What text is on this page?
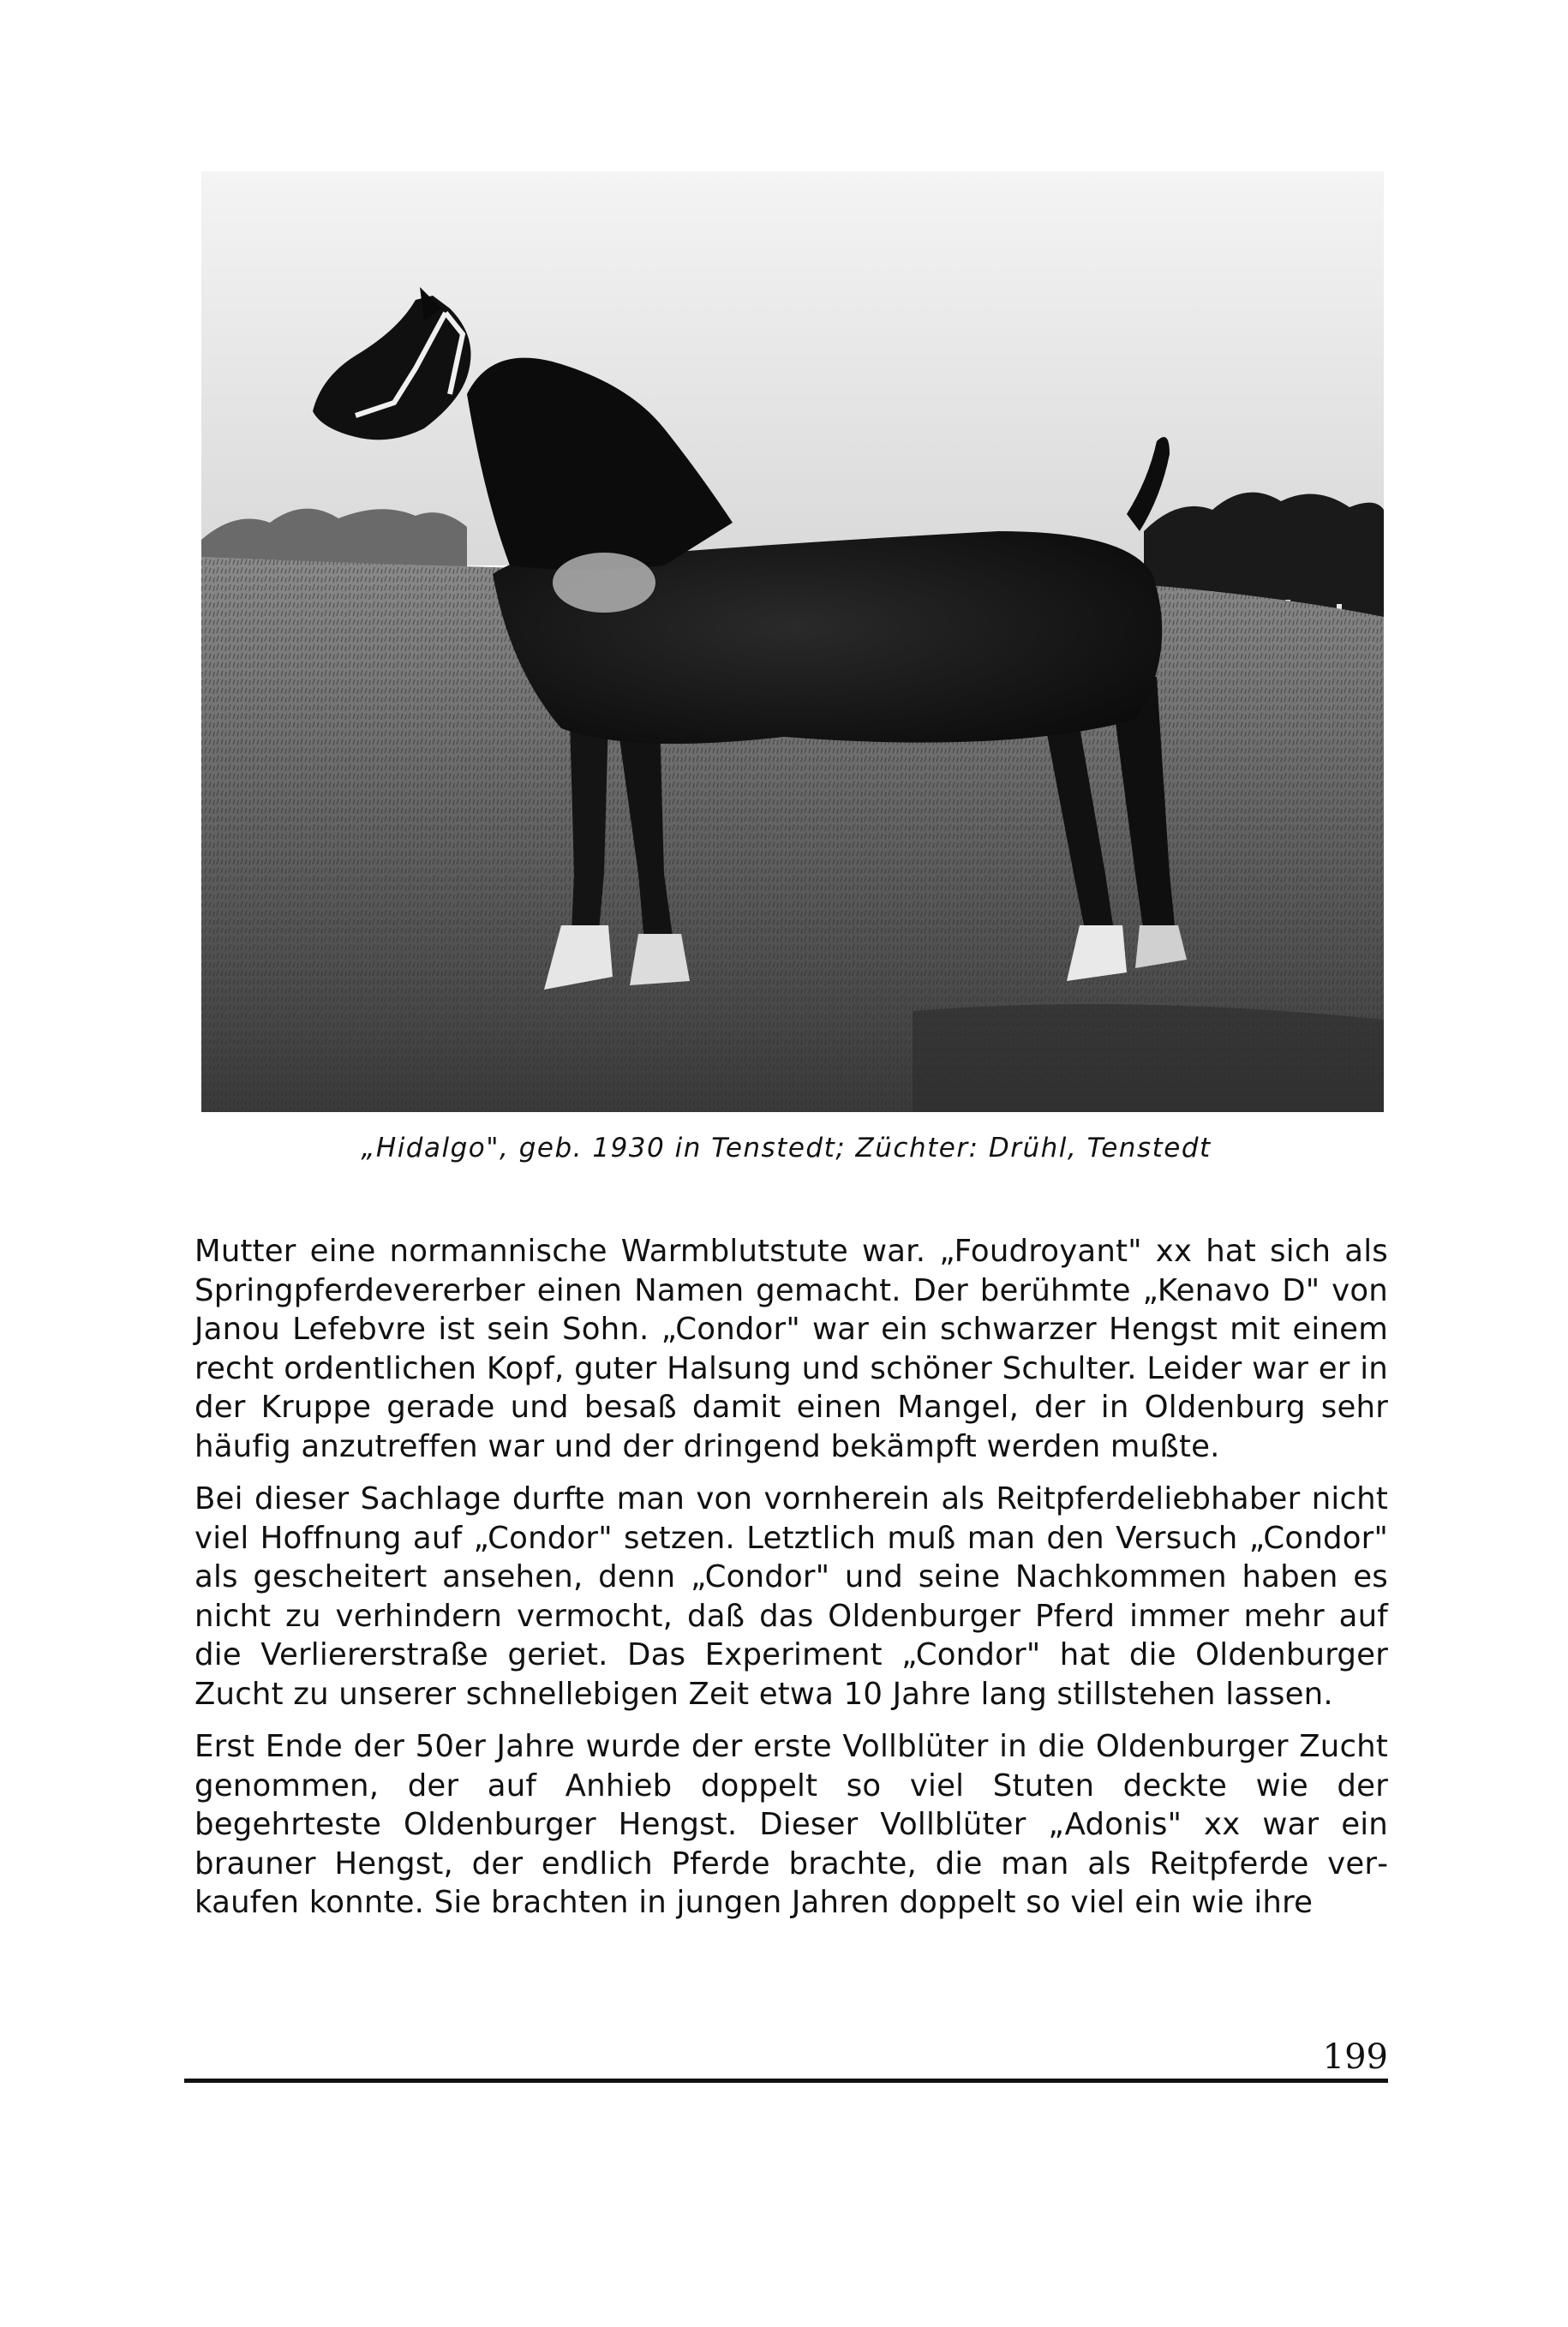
„Hidalgo", geb. 1930 in Tenstedt; Züchter: Drühl, Tenstedt

Mutter eine normannische Warmblutstute war. „Foudroyant" xx hat sich als Springpferdevererber einen Namen gemacht. Der berühmte „Kenavo D" von Janou Lefebvre ist sein Sohn. „Condor" war ein schwarzer Hengst mit einem recht ordentlichen Kopf, guter Halsung und schöner Schulter. Leider war er in der Kruppe gerade und besaß damit einen Mangel, der in Oldenburg sehr häufig anzutreffen war und der dringend bekämpft werden mußte.

Bei dieser Sachlage durfte man von vornherein als Reitpferdeliebhaber nicht viel Hoffnung auf „Condor" setzen. Letztlich muß man den Versuch „Condor" als gescheitert ansehen, denn „Condor" und seine Nachkommen haben es nicht zu verhindern vermocht, daß das Oldenburger Pferd immer mehr auf die Verliererstraße geriet. Das Experiment „Condor" hat die Oldenburger Zucht zu unserer schnellebigen Zeit etwa 10 Jahre lang stillstehen lassen.

Erst Ende der 50er Jahre wurde der erste Vollblüter in die Oldenburger Zucht genommen, der auf Anhieb doppelt so viel Stuten deckte wie der begehrteste Oldenburger Hengst. Dieser Vollblüter „Adonis" xx war ein brauner Hengst, der endlich Pferde brachte, die man als Reitpferde verkaufen konnte. Sie brachten in jungen Jahren doppelt so viel ein wie ihre

199
